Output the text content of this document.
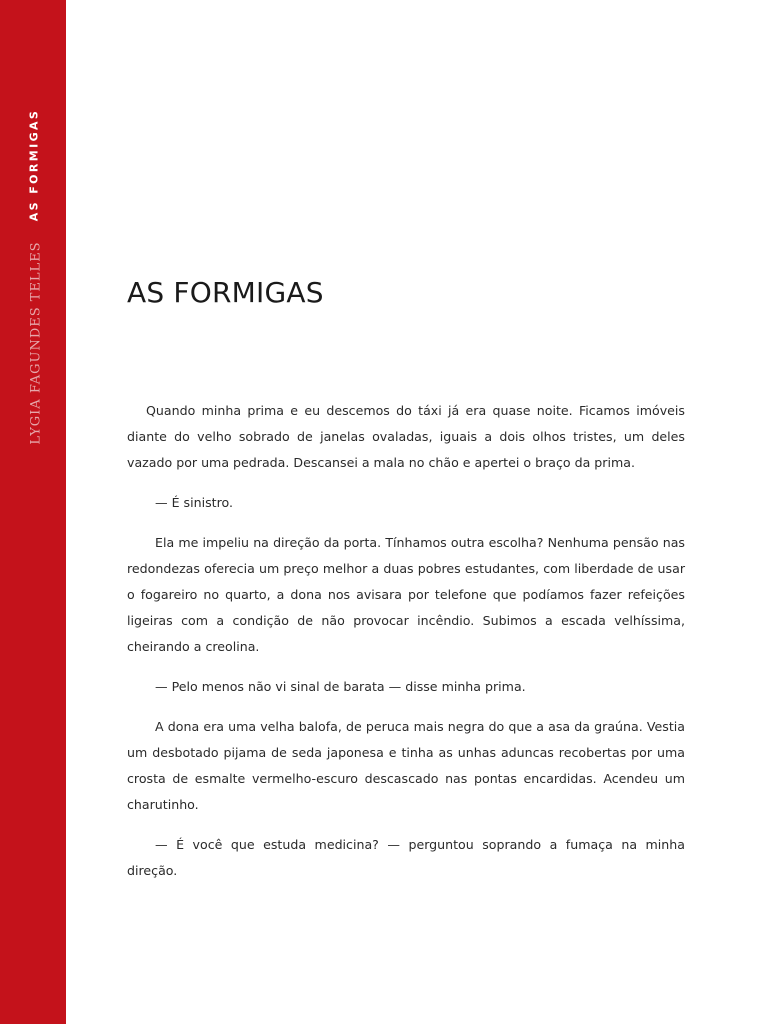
AS FORMIGAS
LYGIA FAGUNDES TELLES	AS FORMIGAS

Quando minha prima e eu descemos do táxi já era quase noite. Ficamos imóveis diante do velho sobrado de janelas ovaladas, iguais a dois olhos tristes, um deles vazado por uma pedrada. Descansei a mala no chão e apertei o braço da prima.

— É sinistro.

Ela me impeliu na direção da porta. Tínhamos outra escolha? Nenhuma pensão nas redondezas oferecia um preço melhor a duas pobres estudantes, com liberdade de usar o fogareiro no quarto, a dona nos avisara por telefone que podíamos fazer refeições ligeiras com a condição de não provocar incêndio. Subimos a escada velhíssima, cheirando a creolina.

— Pelo menos não vi sinal de barata — disse minha prima.

A dona era uma velha balofa, de peruca mais negra do que a asa da graúna. Vestia um desbotado pijama de seda japonesa e tinha as unhas aduncas recobertas por uma crosta de esmalte vermelho-escuro descascado nas pontas encardidas. Acendeu um charutinho.

— É você que estuda medicina? — perguntou soprando a fumaça na minha direção.
